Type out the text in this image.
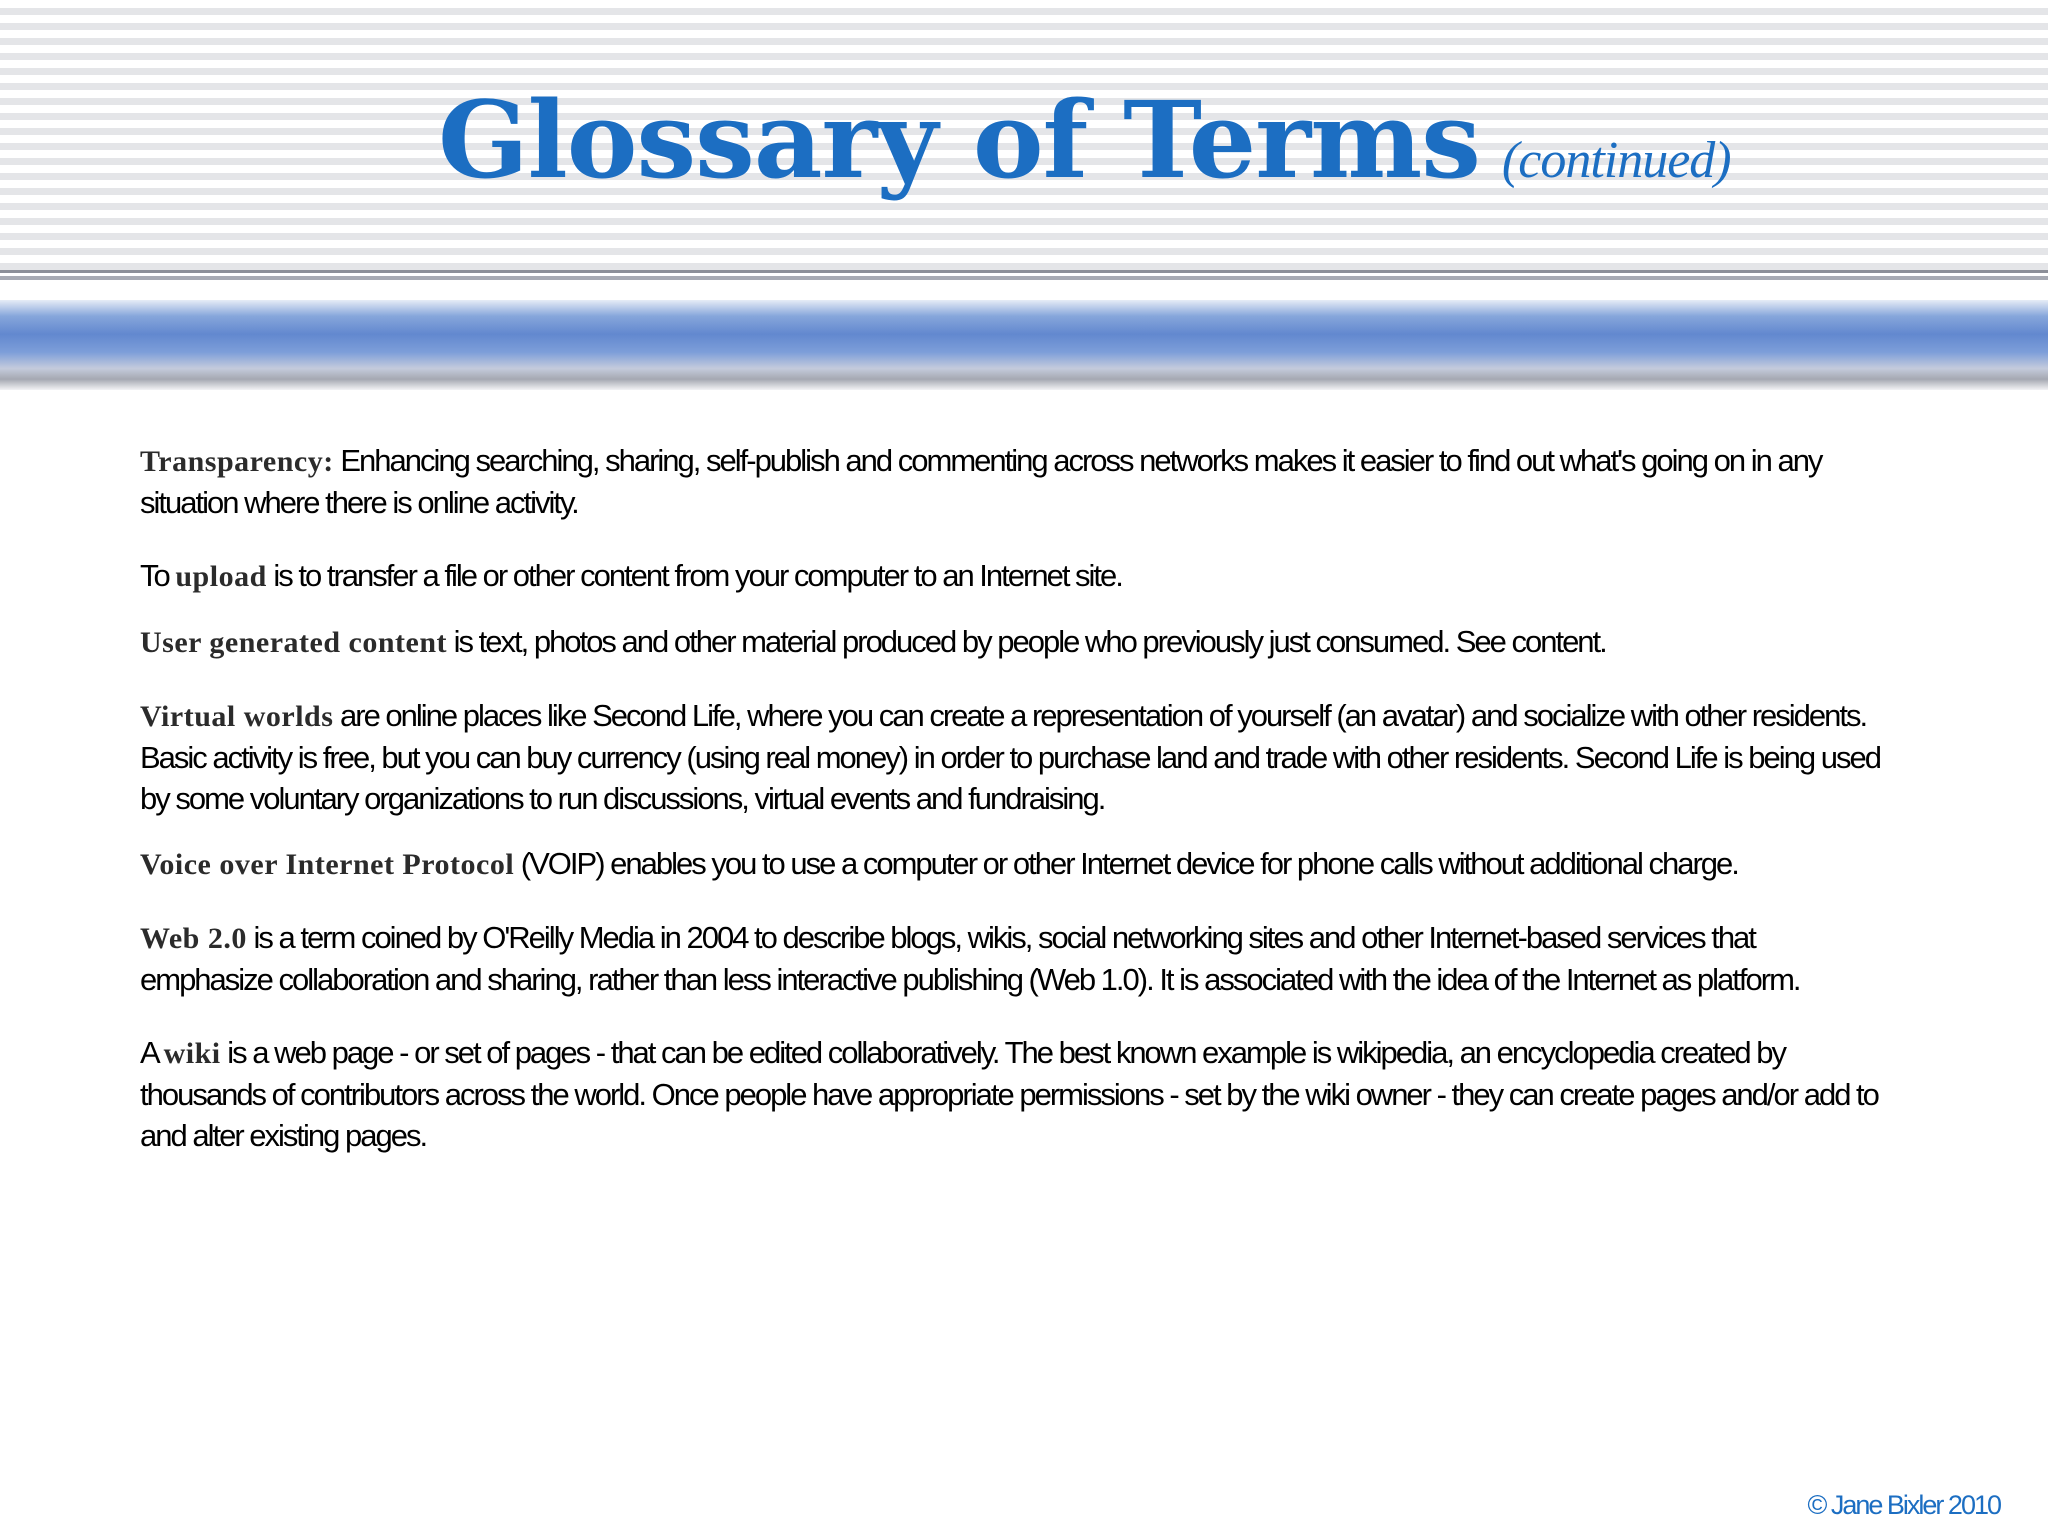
Glossary of Terms (continued)

Transparency: Enhancing searching, sharing, self-publish and commenting across networks makes it easier to find out what's going on in any situation where there is online activity.

To upload is to transfer a file or other content from your computer to an Internet site.

User generated content is text, photos and other material produced by people who previously just consumed. See content.

Virtual worlds are online places like Second Life, where you can create a representation of yourself (an avatar) and socialize with other residents. Basic activity is free, but you can buy currency (using real money) in order to purchase land and trade with other residents. Second Life is being used by some voluntary organizations to run discussions, virtual events and fundraising.

Voice over Internet Protocol (VOIP) enables you to use a computer or other Internet device for phone calls without additional charge.

Web 2.0 is a term coined by O'Reilly Media in 2004 to describe blogs, wikis, social networking sites and other Internet-based services that emphasize collaboration and sharing, rather than less interactive publishing (Web 1.0). It is associated with the idea of the Internet as platform.

A wiki is a web page - or set of pages - that can be edited collaboratively. The best known example is wikipedia, an encyclopedia created by thousands of contributors across the world. Once people have appropriate permissions - set by the wiki owner - they can create pages and/or add to and alter existing pages.

© Jane Bixler 2010
